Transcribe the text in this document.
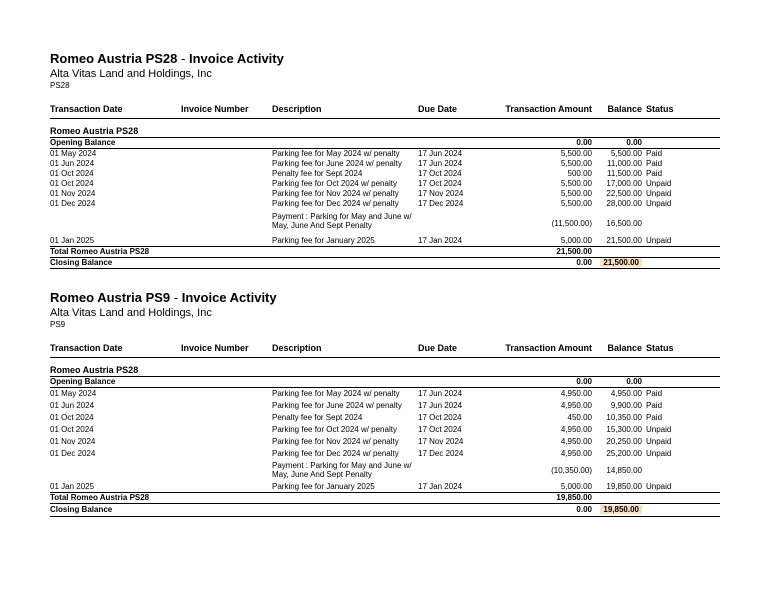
Romeo Austria PS28 - Invoice Activity
Alta Vitas Land and Holdings, Inc
PS28
Transaction Date	Invoice Number	Description	Due Date	Transaction Amount Balance Status
Romeo Austria PS28
Opening Balance	0.00	0.00
01 May 2024	Parking fee for May 2024 w/ penalty 17 Jun 2024	5,500.00 5,500.00 Paid
01 Jun 2024	Parking fee for June 2024 w/ penalty 17 Jun 2024	5,500.00 11,000.00 Paid
01 Oct 2024	Penalty fee for Sept 2024	17 Oct 2024	500.00 11,500.00 Paid
01 Oct 2024	Parking fee for Oct 2024 w/ penalty	17 Oct 2024	5,500.00 17,000.00 Unpaid
01 Nov 2024	Parking fee for Nov 2024 w/ penalty 17 Nov 2024	5,500.00 22,500.00 Unpaid
01 Dec 2024	Parking fee for Dec 2024 w/ penalty 17 Dec 2024	5,500.00 28,000.00 Unpaid
Payment : Parking for May and June w/ May, June And Sept Penalty	(11,500.00) 16,500.00
01 Jan 2025	Parking fee for January 2025	17 Jan 2024	5,000.00 21,500.00 Unpaid
Total Romeo Austria PS28	21,500.00
Closing Balance	0.00	21,500.00
Romeo Austria PS9 - Invoice Activity
Alta Vitas Land and Holdings, Inc
PS9
Transaction Date	Invoice Number	Description	Due Date	Transaction Amount Balance Status
Romeo Austria PS28
Opening Balance	0.00	0.00
01 May 2024	Parking fee for May 2024 w/ penalty 17 Jun 2024	4,950.00 4,950.00 Paid
01 Jun 2024	Parking fee for June 2024 w/ penalty 17 Jun 2024	4,950.00 9,900.00 Paid
01 Oct 2024	Penalty fee for Sept 2024	17 Oct 2024	450.00 10,350.00 Paid
01 Oct 2024	Parking fee for Oct 2024 w/ penalty	17 Oct 2024	4,950.00 15,300.00 Unpaid
01 Nov 2024	Parking fee for Nov 2024 w/ penalty 17 Nov 2024	4,950.00 20,250.00 Unpaid
01 Dec 2024	Parking fee for Dec 2024 w/ penalty 17 Dec 2024	4,950.00 25,200.00 Unpaid
Payment : Parking for May and June w/ May, June And Sept Penalty	(10,350.00) 14,850.00
01 Jan 2025	Parking fee for January 2025	17 Jan 2024	5,000.00 19,850.00 Unpaid
Total Romeo Austria PS28	19,850.00
Closing Balance	0.00	19,850.00
